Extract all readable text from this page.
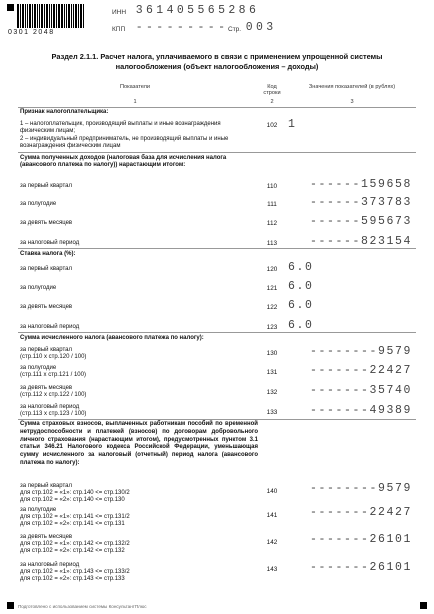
0301 2048
ИНН 3 6 1 4 0 5 5 6 5 2 8 6
КПП - - - - - - - - - Стр. 0 0 3
Раздел 2.1.1. Расчет налога, уплачиваемого в связи с применением упрощенной системы налогообложения (объект налогообложения – доходы)
Показатели	Код строки
Значения показателей (в рублях)
1	2	3
Признак налогоплательщика:
1 – налогоплательщик, производящий выплаты и иные вознаграждения физическим лицам;
102 1
2 – индивидуальный предприниматель, не производящий выплаты и иные вознаграждения физическим лицам
Сумма полученных доходов (налоговая база для исчисления налога (авансового платежа по налогу)) нарастающим итогом:
за первый квартал	110	------159658
за полугодие	111	------373783
за девять месяцев	112	------595673
за налоговый период	113	------823154
Ставка налога (%):
за первый квартал	120 6.0
за полугодие	121 6.0
за девять месяцев	122 6.0
за налоговый период	123 6.0
Сумма исчисленного налога (авансового платежа по налогу):
за первый квартал
(стр.110 х стр.120 / 100)	130	--------9579
за полугодие
(стр.111 х стр.121 / 100)	131	-------22427
за девять месяцев
(стр.112 х стр.122 / 100)	132	-------35740
за налоговый период
(стр.113 х стр.123 / 100)	133	-------49389
Сумма страховых взносов, выплаченных работникам пособий по временной нетрудоспособности и платежей (взносов) по договорам добровольного личного страхования (нарастающим итогом), предусмотренных пунктом 3.1 статьи 346.21 Налогового кодекса Российской Федерации, уменьшающая сумму исчисленного за налоговый (отчетный) период налога (авансового платежа по налогу):
за первый квартал
для стр.102 = «1»: стр.140 <= стр.130/2
для стр.102 = «2»: стр.140 <= стр.130
140	--------9579
за полугодие
для стр.102 = «1»: стр.141 <= стр.131/2
для стр.102 = «2»: стр.141 <= стр.131
141	-------22427
за девять месяцев
для стр.102 = «1»: стр.142 <= стр.132/2
для стр.102 = «2»: стр.142 <= стр.132
142	-------26101
за налоговый период
для стр.102 = «1»: стр.143 <= стр.133/2
для стр.102 = «2»: стр.143 <= стр.133
143	-------26101
Подготовлено с использованием системы КонсультантПлюс
